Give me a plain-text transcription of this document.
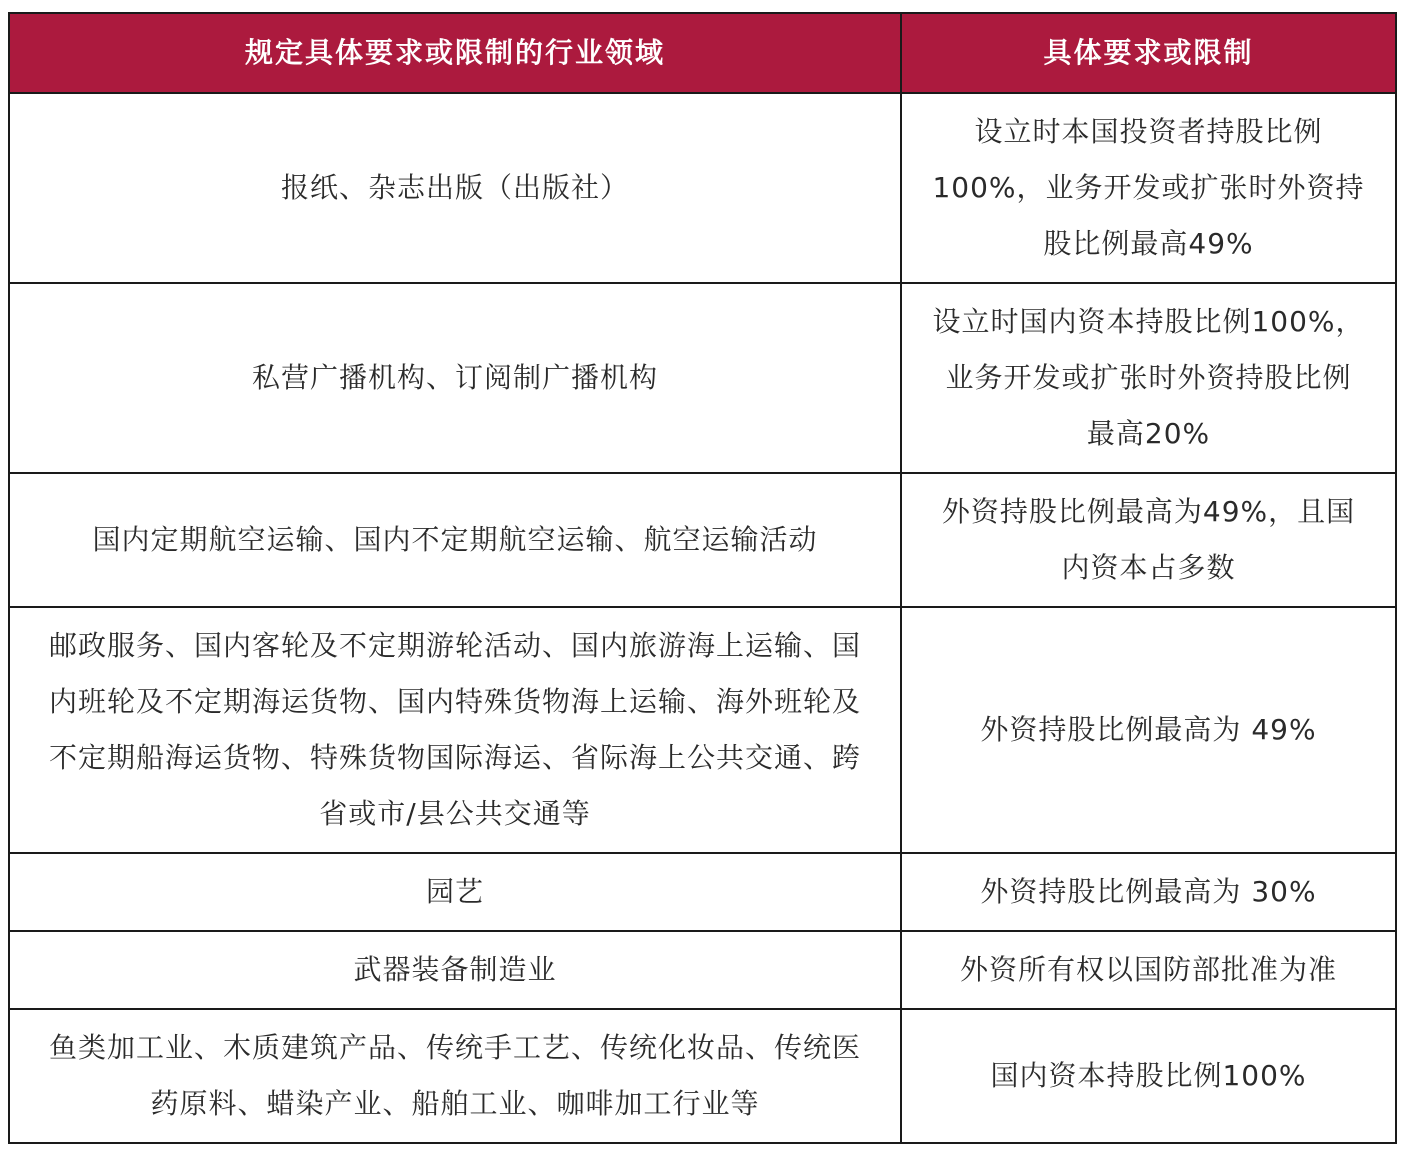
规定具体要求或限制的行业领域	具体要求或限制
报纸、杂志出版（出版社）	设立时本国投资者持股比例100%，业务开发或扩张时外资持股比例最高49%
私营广播机构、订阅制广播机构	设立时国内资本持股比例100%，业务开发或扩张时外资持股比例最高20%
国内定期航空运输、国内不定期航空运输、航空运输活动	外资持股比例最高为49%，且国内资本占多数
邮政服务、国内客轮及不定期游轮活动、国内旅游海上运输、国内班轮及不定期海运货物、国内特殊货物海上运输、海外班轮及不定期船海运货物、特殊货物国际海运、省际海上公共交通、跨省或市/县公共交通等	外资持股比例最高为 49%
园艺	外资持股比例最高为 30%
武器装备制造业	外资所有权以国防部批准为准
鱼类加工业、木质建筑产品、传统手工艺、传统化妆品、传统医药原料、蜡染产业、船舶工业、咖啡加工行业等	国内资本持股比例100%
